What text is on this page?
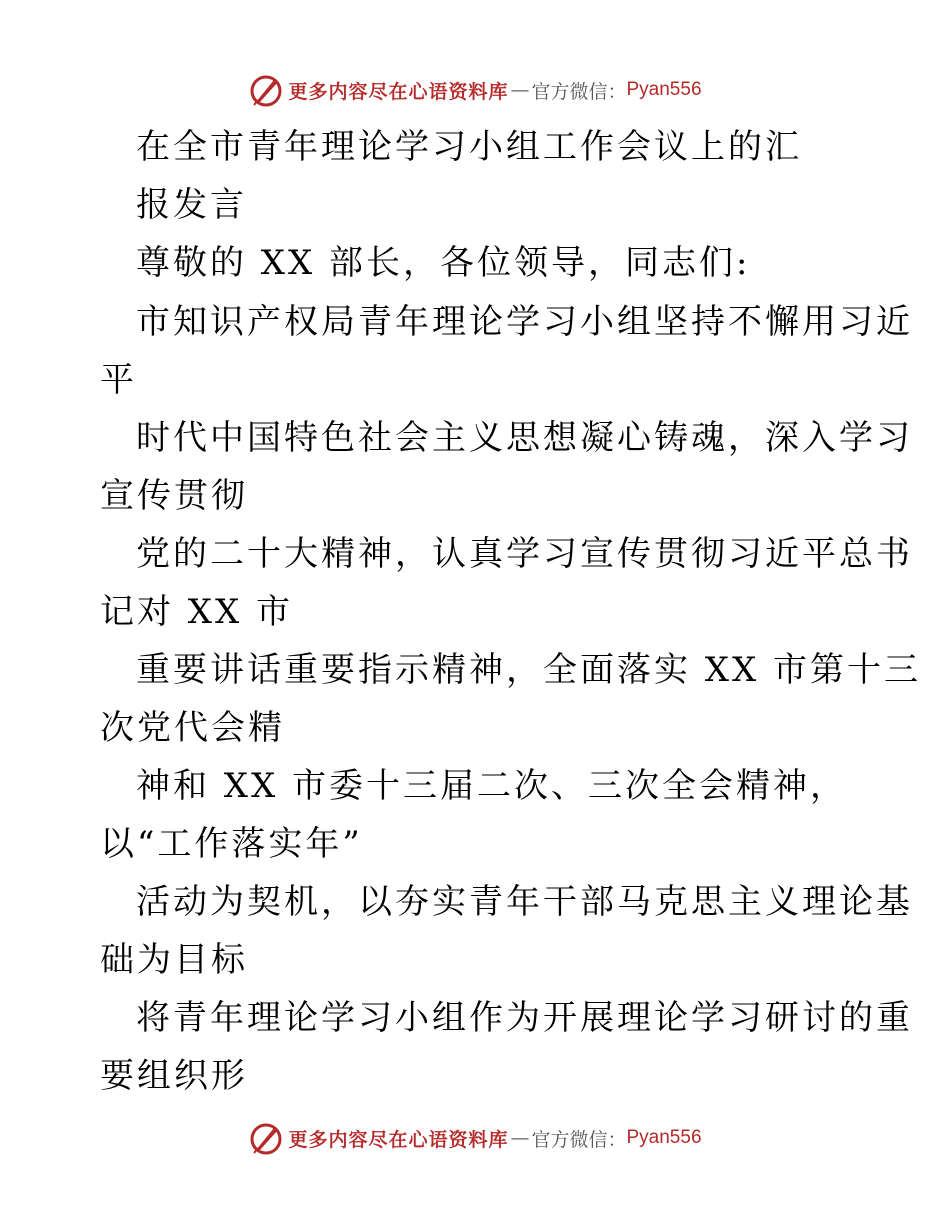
更多内容尽在心语资料库 — 官方微信： Pyan556
在全市青年理论学习小组工作会议上的汇
报发言
尊敬的 XX 部长，各位领导，同志们:
市知识产权局青年理论学习小组坚持不懈用习近
平
时代中国特色社会主义思想凝心铸魂，深入学习
宣传贯彻
党的二十大精神，认真学习宣传贯彻习近平总书
记对 XX 市
重要讲话重要指示精神，全面落实 XX 市第十三
次党代会精
神和 XX 市委十三届二次、三次全会精神，
以“工作落实年”
活动为契机，以夯实青年干部马克思主义理论基
础为目标
将青年理论学习小组作为开展理论学习研讨的重
要组织形
更多内容尽在心语资料库 — 官方微信： Pyan556
